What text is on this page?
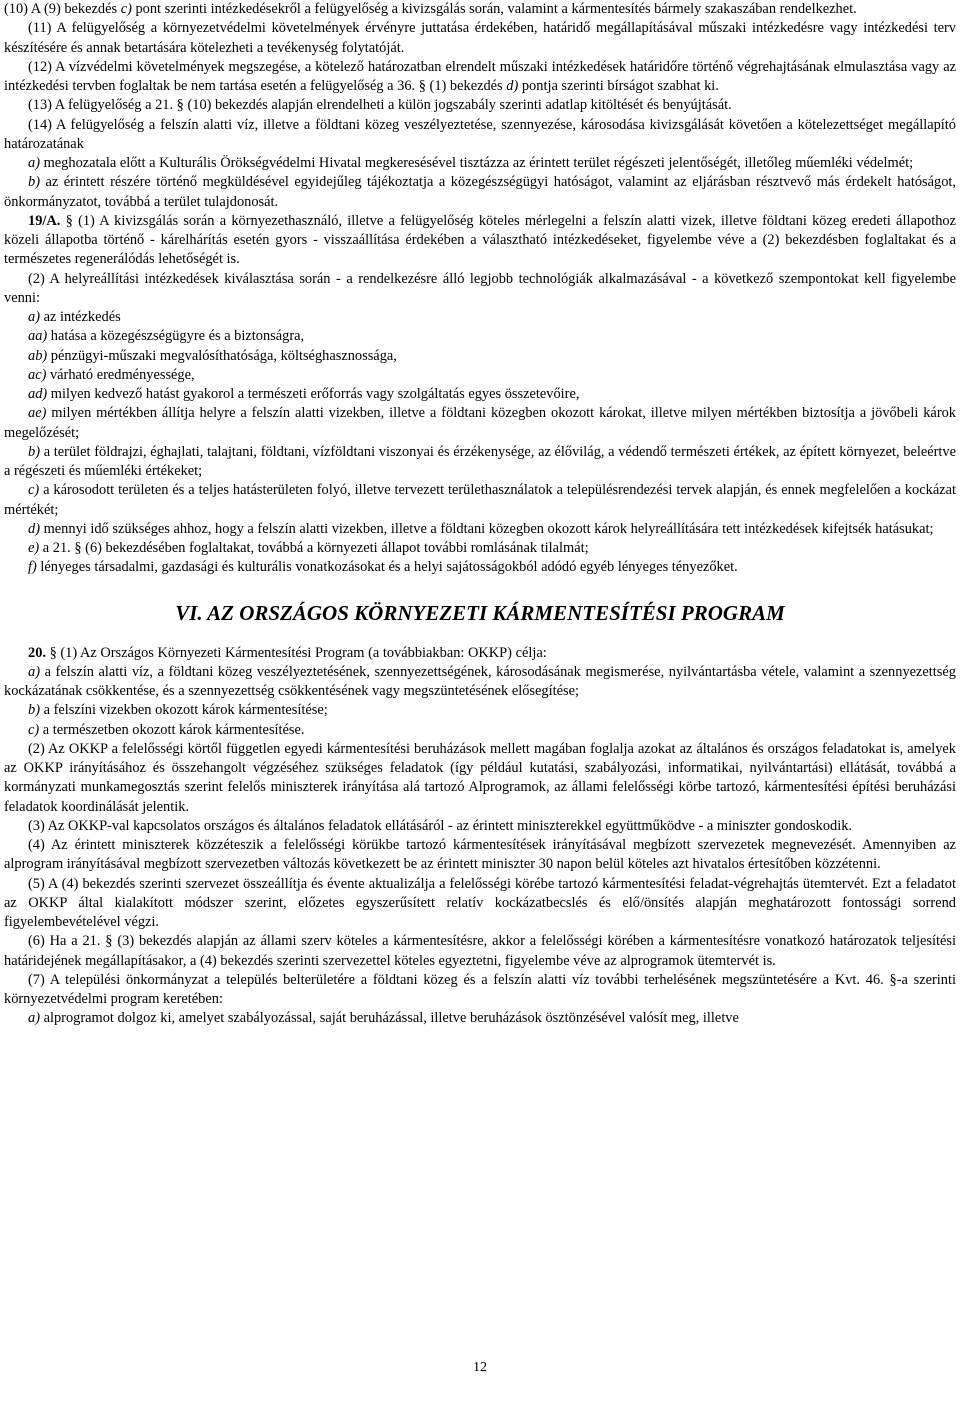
(10) A (9) bekezdés c) pont szerinti intézkedésekről a felügyelőség a kivizsgálás során, valamint a kármentesítés bármely szakaszában rendelkezhet.

(11) A felügyelőség a környezetvédelmi követelmények érvényre juttatása érdekében, határidő megállapításával műszaki intézkedésre vagy intézkedési terv készítésére és annak betartására kötelezheti a tevékenység folytatóját.

(12) A vízvédelmi követelmények megszegése, a kötelező határozatban elrendelt műszaki intézkedések határidőre történő végrehajtásának elmulasztása vagy az intézkedési tervben foglaltak be nem tartása esetén a felügyelőség a 36. § (1) bekezdés d) pontja szerinti bírságot szabhat ki.

(13) A felügyelőség a 21. § (10) bekezdés alapján elrendelheti a külön jogszabály szerinti adatlap kitöltését és benyújtását.

(14) A felügyelőség a felszín alatti víz, illetve a földtani közeg veszélyeztetése, szennyezése, károsodása kivizsgálását követően a kötelezettséget megállapító határozatának

a) meghozatala előtt a Kulturális Örökségvédelmi Hivatal megkeresésével tisztázza az érintett terület régészeti jelentőségét, illetőleg műemléki védelmét;

b) az érintett részére történő megküldésével egyidejűleg tájékoztatja a közegészségügyi hatóságot, valamint az eljárásban résztvevő más érdekelt hatóságot, önkormányzatot, továbbá a terület tulajdonosát.

19/A. § (1) A kivizsgálás során a környezethasználó, illetve a felügyelőség köteles mérlegelni a felszín alatti vizek, illetve földtani közeg eredeti állapothoz közeli állapotba történő - kárelhárítás esetén gyors - visszaállítása érdekében a választható intézkedéseket, figyelembe véve a (2) bekezdésben foglaltakat és a természetes regenerálódás lehetőségét is.

(2) A helyreállítási intézkedések kiválasztása során - a rendelkezésre álló legjobb technológiák alkalmazásával - a következő szempontokat kell figyelembe venni:

a) az intézkedés

aa) hatása a közegészségügyre és a biztonságra,

ab) pénzügyi-műszaki megvalósíthatósága, költséghasznossága,

ac) várható eredményessége,

ad) milyen kedvező hatást gyakorol a természeti erőforrás vagy szolgáltatás egyes összetevőire,

ae) milyen mértékben állítja helyre a felszín alatti vizekben, illetve a földtani közegben okozott károkat, illetve milyen mértékben biztosítja a jövőbeli károk megelőzését;

b) a terület földrajzi, éghajlati, talajtani, földtani, vízföldtani viszonyai és érzékenysége, az élővilág, a védendő természeti értékek, az épített környezet, beleértve a régészeti és műemléki értékeket;

c) a károsodott területen és a teljes hatásterületen folyó, illetve tervezett területhasználatok a településrendezési tervek alapján, és ennek megfelelően a kockázat mértékét;

d) mennyi idő szükséges ahhoz, hogy a felszín alatti vizekben, illetve a földtani közegben okozott károk helyreállítására tett intézkedések kifejtsék hatásukat;

e) a 21. § (6) bekezdésében foglaltakat, továbbá a környezeti állapot további romlásának tilalmát;

f) lényeges társadalmi, gazdasági és kulturális vonatkozásokat és a helyi sajátosságokból adódó egyéb lényeges tényezőket.

VI. AZ ORSZÁGOS KÖRNYEZETI KÁRMENTESÍTÉSI PROGRAM

20. § (1) Az Országos Környezeti Kármentesítési Program (a továbbiakban: OKKP) célja:

a) a felszín alatti víz, a földtani közeg veszélyeztetésének, szennyezettségének, károsodásának megismerése, nyilvántartásba vétele, valamint a szennyezettség kockázatának csökkentése, és a szennyezettség csökkentésének vagy megszüntetésének elősegítése;

b) a felszíni vizekben okozott károk kármentesítése;

c) a természetben okozott károk kármentesítése.

(2) Az OKKP a felelősségi körtől független egyedi kármentesítési beruházások mellett magában foglalja azokat az általános és országos feladatokat is, amelyek az OKKP irányításához és összehangolt végzéséhez szükséges feladatok (így például kutatási, szabályozási, informatikai, nyilvántartási) ellátását, továbbá a kormányzati munkamegosztás szerint felelős miniszterek irányítása alá tartozó Alprogramok, az állami felelősségi körbe tartozó, kármentesítési építési beruházási feladatok koordinálását jelentik.

(3) Az OKKP-val kapcsolatos országos és általános feladatok ellátásáról - az érintett miniszterekkel együttműködve - a miniszter gondoskodik.

(4) Az érintett miniszterek közzéteszik a felelősségi körükbe tartozó kármentesítések irányításával megbízott szervezetek megnevezését. Amennyiben az alprogram irányításával megbízott szervezetben változás következett be az érintett miniszter 30 napon belül köteles azt hivatalos értesítőben közzétenni.

(5) A (4) bekezdés szerinti szervezet összeállítja és évente aktualizálja a felelősségi körébe tartozó kármentesítési feladat-végrehajtás ütemtervét. Ezt a feladatot az OKKP által kialakított módszer szerint, előzetes egyszerűsített relatív kockázatbecslés és elő/önsítés alapján meghatározott fontossági sorrend figyelembevételével végzi.

(6) Ha a 21. § (3) bekezdés alapján az állami szerv köteles a kármentesítésre, akkor a felelősségi körében a kármentesítésre vonatkozó határozatok teljesítési határidejének megállapításakor, a (4) bekezdés szerinti szervezettel köteles egyeztetni, figyelembe véve az alprogramok ütemtervét is.

(7) A települési önkormányzat a település belterületére a földtani közeg és a felszín alatti víz további terhelésének megszüntetésére a Kvt. 46. §-a szerinti környezetvédelmi program keretében:

a) alprogramot dolgoz ki, amelyet szabályozással, saját beruházással, illetve beruházások ösztönzésével valósít meg, illetve

12
